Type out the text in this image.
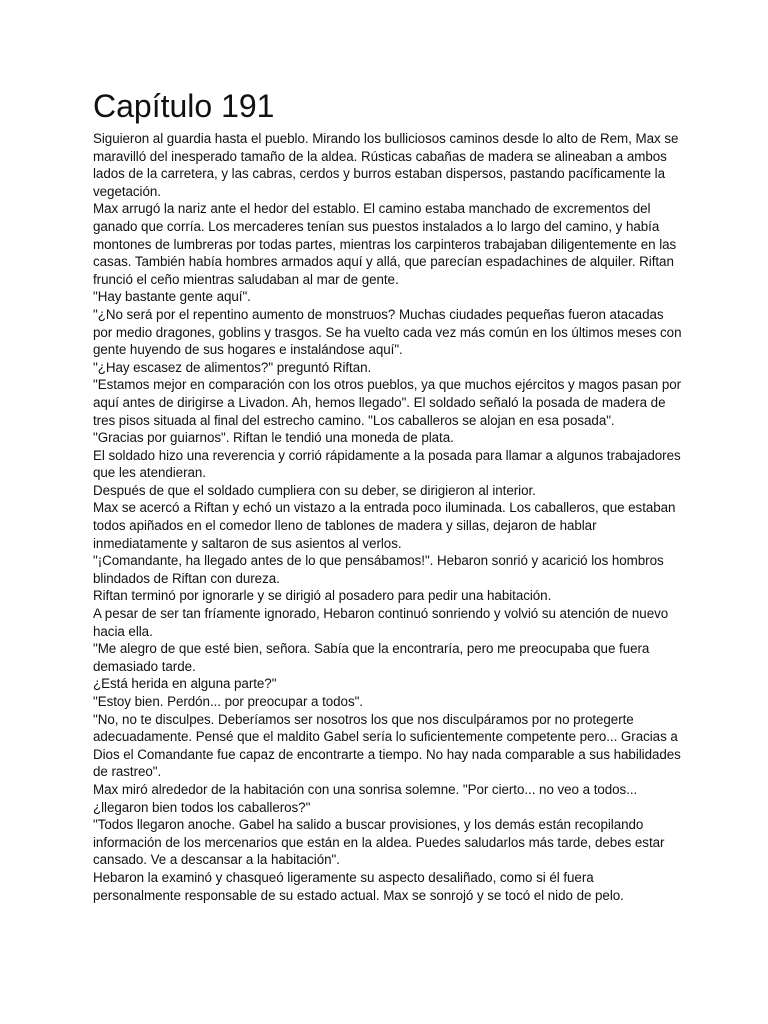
Capítulo 191

Siguieron al guardia hasta el pueblo. Mirando los bulliciosos caminos desde lo alto de Rem, Max se maravilló del inesperado tamaño de la aldea. Rústicas cabañas de madera se alineaban a ambos lados de la carretera, y las cabras, cerdos y burros estaban dispersos, pastando pacíficamente la vegetación.

Max arrugó la nariz ante el hedor del establo. El camino estaba manchado de excrementos del ganado que corría. Los mercaderes tenían sus puestos instalados a lo largo del camino, y había montones de lumbreras por todas partes, mientras los carpinteros trabajaban diligentemente en las casas. También había hombres armados aquí y allá, que parecían espadachines de alquiler. Riftan frunció el ceño mientras saludaban al mar de gente.

"Hay bastante gente aquí".

"¿No será por el repentino aumento de monstruos? Muchas ciudades pequeñas fueron atacadas por medio dragones, goblins y trasgos. Se ha vuelto cada vez más común en los últimos meses con gente huyendo de sus hogares e instalándose aquí".

"¿Hay escasez de alimentos?" preguntó Riftan.

"Estamos mejor en comparación con los otros pueblos, ya que muchos ejércitos y magos pasan por aquí antes de dirigirse a Livadon. Ah, hemos llegado". El soldado señaló la posada de madera de tres pisos situada al final del estrecho camino. "Los caballeros se alojan en esa posada".

"Gracias por guiarnos". Riftan le tendió una moneda de plata.

El soldado hizo una reverencia y corrió rápidamente a la posada para llamar a algunos trabajadores que les atendieran.

Después de que el soldado cumpliera con su deber, se dirigieron al interior.

Max se acercó a Riftan y echó un vistazo a la entrada poco iluminada. Los caballeros, que estaban todos apiñados en el comedor lleno de tablones de madera y sillas, dejaron de hablar inmediatamente y saltaron de sus asientos al verlos.

"¡Comandante, ha llegado antes de lo que pensábamos!". Hebaron sonrió y acarició los hombros blindados de Riftan con dureza.

Riftan terminó por ignorarle y se dirigió al posadero para pedir una habitación.

A pesar de ser tan fríamente ignorado, Hebaron continuó sonriendo y volvió su atención de nuevo hacia ella.

"Me alegro de que esté bien, señora. Sabía que la encontraría, pero me preocupaba que fuera demasiado tarde.

¿Está herida en alguna parte?"

"Estoy bien. Perdón... por preocupar a todos".

"No, no te disculpes. Deberíamos ser nosotros los que nos disculpáramos por no protegerte adecuadamente. Pensé que el maldito Gabel sería lo suficientemente competente pero... Gracias a Dios el Comandante fue capaz de encontrarte a tiempo. No hay nada comparable a sus habilidades de rastreo".

Max miró alrededor de la habitación con una sonrisa solemne. "Por cierto... no veo a todos... ¿llegaron bien todos los caballeros?"

"Todos llegaron anoche. Gabel ha salido a buscar provisiones, y los demás están recopilando información de los mercenarios que están en la aldea. Puedes saludarlos más tarde, debes estar cansado. Ve a descansar a la habitación".

Hebaron la examinó y chasqueó ligeramente su aspecto desaliñado, como si él fuera personalmente responsable de su estado actual. Max se sonrojó y se tocó el nido de pelo.
